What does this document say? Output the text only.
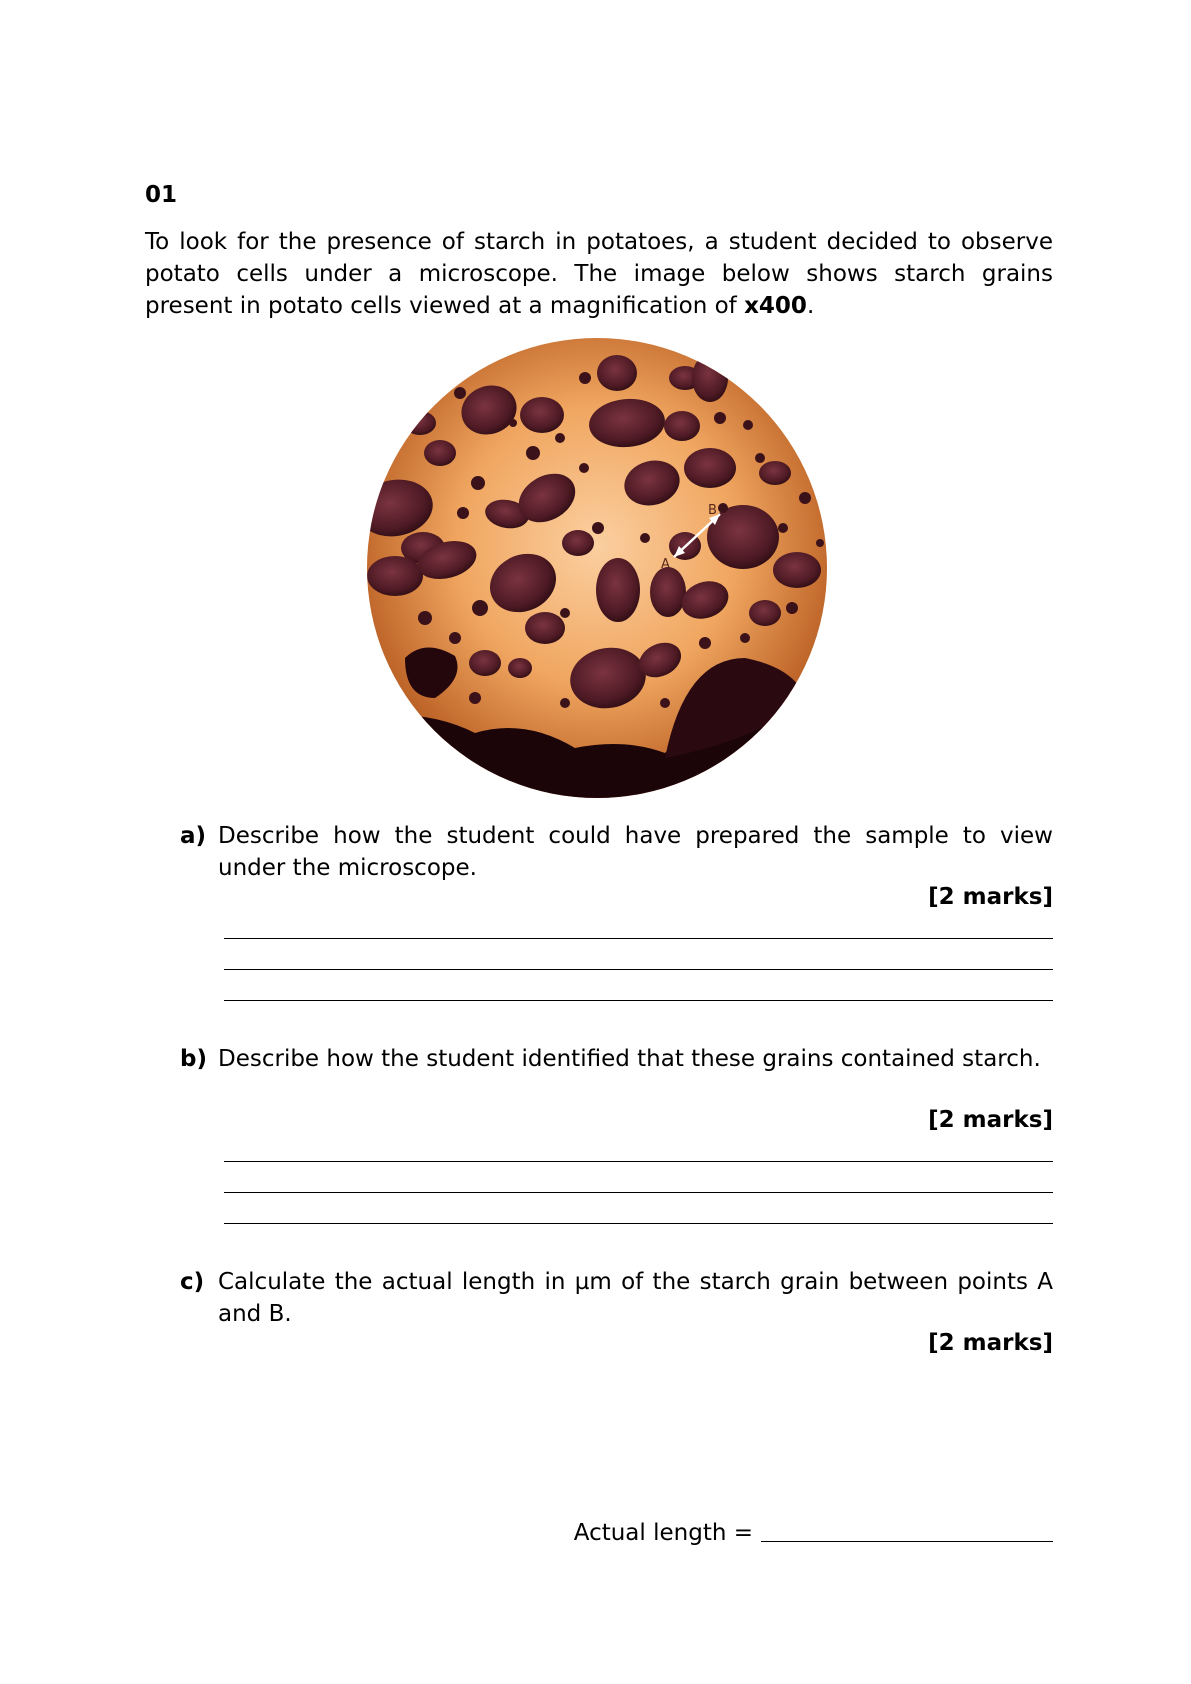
01
To look for the presence of starch in potatoes, a student decided to observe potato cells under a microscope. The image below shows starch grains present in potato cells viewed at a magnification of x400.
B
A
a) Describe how the student could have prepared the sample to view under the microscope.
[2 marks]
b) Describe how the student identified that these grains contained starch.
[2 marks]
c) Calculate the actual length in µm of the starch grain between points A and B.
[2 marks]
Actual length =
